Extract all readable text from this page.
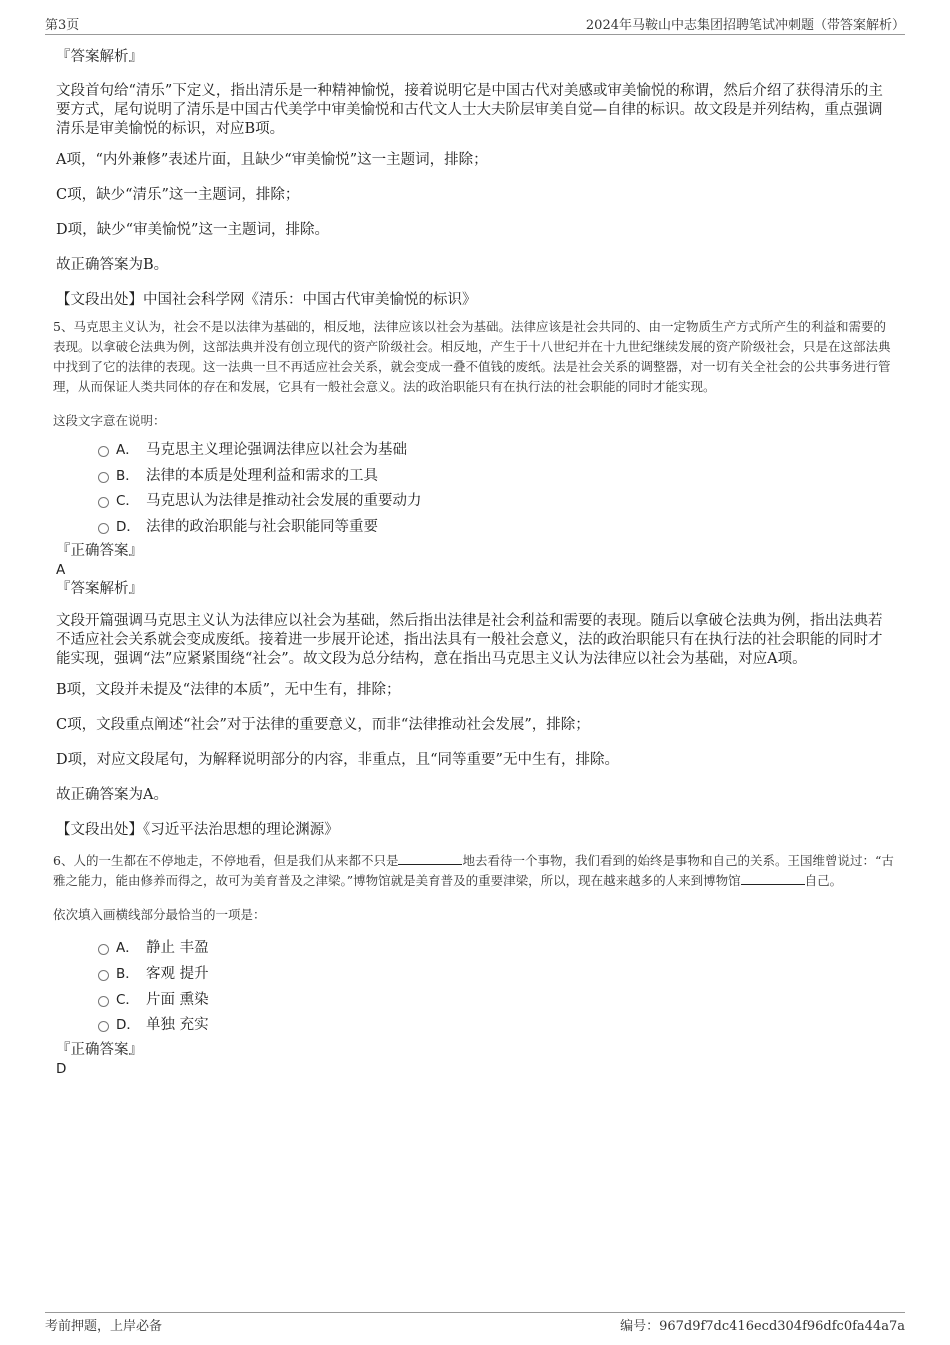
第3页	2024年马鞍山中志集团招聘笔试冲刺题（带答案解析）

『答案解析』

文段首句给“清乐”下定义，指出清乐是一种精神愉悦，接着说明它是中国古代对美感或审美愉悦的称谓，然后介绍了获得清乐的主要方式，尾句说明了清乐是中国古代美学中审美愉悦和古代文人士大夫阶层审美自觉—自律的标识。故文段是并列结构，重点强调清乐是审美愉悦的标识，对应B项。

A项，“内外兼修”表述片面，且缺少“审美愉悦”这一主题词，排除；

C项，缺少“清乐”这一主题词，排除；

D项，缺少“审美愉悦”这一主题词，排除。

故正确答案为B。

【文段出处】中国社会科学网《清乐：中国古代审美愉悦的标识》

5、马克思主义认为，社会不是以法律为基础的，相反地，法律应该以社会为基础。法律应该是社会共同的、由一定物质生产方式所产生的利益和需要的表现。以拿破仑法典为例，这部法典并没有创立现代的资产阶级社会。相反地，产生于十八世纪并在十九世纪继续发展的资产阶级社会，只是在这部法典中找到了它的法律的表现。这一法典一旦不再适应社会关系，就会变成一叠不值钱的废纸。法是社会关系的调整器，对一切有关全社会的公共事务进行管理，从而保证人类共同体的存在和发展，它具有一般社会意义。法的政治职能只有在执行法的社会职能的同时才能实现。

这段文字意在说明：

A． 马克思主义理论强调法律应以社会为基础
B． 法律的本质是处理利益和需求的工具
C． 马克思认为法律是推动社会发展的重要动力
D． 法律的政治职能与社会职能同等重要

『正确答案』

A

『答案解析』

文段开篇强调马克思主义认为法律应以社会为基础，然后指出法律是社会利益和需要的表现。随后以拿破仑法典为例，指出法典若不适应社会关系就会变成废纸。接着进一步展开论述，指出法具有一般社会意义，法的政治职能只有在执行法的社会职能的同时才能实现，强调“法”应紧紧围绕“社会”。故文段为总分结构，意在指出马克思主义认为法律应以社会为基础，对应A项。

B项，文段并未提及“法律的本质”，无中生有，排除；

C项，文段重点阐述“社会”对于法律的重要意义，而非“法律推动社会发展”，排除；

D项，对应文段尾句，为解释说明部分的内容，非重点，且“同等重要”无中生有，排除。

故正确答案为A。

【文段出处】《习近平法治思想的理论渊源》

6、人的一生都在不停地走，不停地看，但是我们从来都不只是	地去看待一个事物，我们看到的始终是事物和自己的关系。王国维曾说过：“古雅之能力，能由修养而得之，故可为美育普及之津梁。”博物馆就是美育普及的重要津梁，所以，现在越来越多的人来到博物馆	自己。

依次填入画横线部分最恰当的一项是：

A． 静止 丰盈
B． 客观 提升
C． 片面 熏染
D． 单独 充实

『正确答案』

D

考前押题，上岸必备	编号：967d9f7dc416ecd304f96dfc0fa44a7a
